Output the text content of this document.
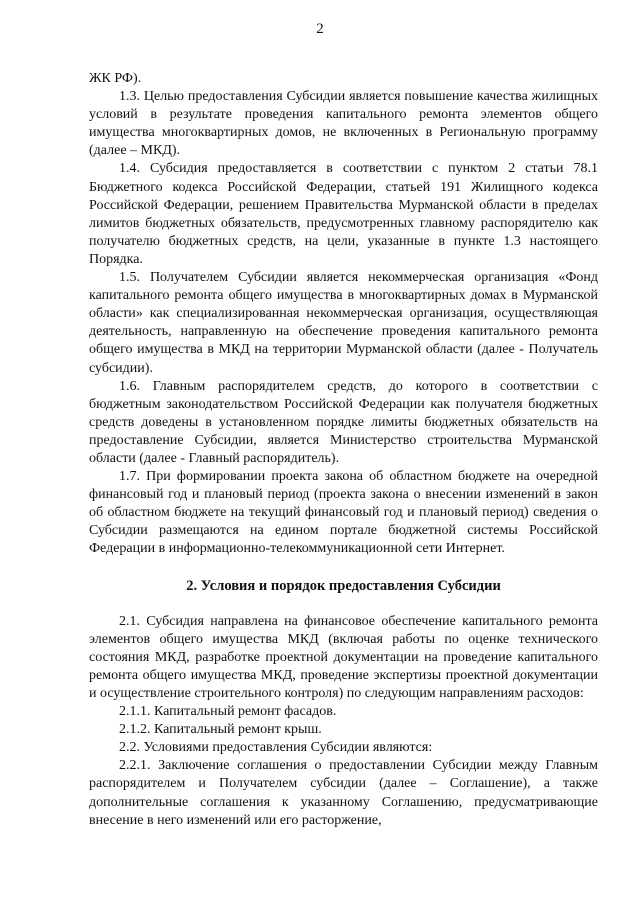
2

ЖК РФ).

1.3. Целью предоставления Субсидии является повышение качества жилищных условий в результате проведения капитального ремонта элементов общего имущества многоквартирных домов, не включенных в Региональную программу (далее – МКД).

1.4. Субсидия предоставляется в соответствии с пунктом 2 статьи 78.1 Бюджетного кодекса Российской Федерации, статьей 191 Жилищного кодекса Российской Федерации, решением Правительства Мурманской области в пределах лимитов бюджетных обязательств, предусмотренных главному распорядителю как получателю бюджетных средств, на цели, указанные в пункте 1.3 настоящего Порядка.

1.5. Получателем Субсидии является некоммерческая организация «Фонд капитального ремонта общего имущества в многоквартирных домах в Мурманской области» как специализированная некоммерческая организация, осуществляющая деятельность, направленную на обеспечение проведения капитального ремонта общего имущества в МКД на территории Мурманской области (далее - Получатель субсидии).

1.6. Главным распорядителем средств, до которого в соответствии с бюджетным законодательством Российской Федерации как получателя бюджетных средств доведены в установленном порядке лимиты бюджетных обязательств на предоставление Субсидии, является Министерство строительства Мурманской области (далее - Главный распорядитель).

1.7. При формировании проекта закона об областном бюджете на очередной финансовый год и плановый период (проекта закона о внесении изменений в закон об областном бюджете на текущий финансовый год и плановый период) сведения о Субсидии размещаются на едином портале бюджетной системы Российской Федерации в информационно-телекоммуникационной сети Интернет.

2. Условия и порядок предоставления Субсидии

2.1. Субсидия направлена на финансовое обеспечение капитального ремонта элементов общего имущества МКД (включая работы по оценке технического состояния МКД, разработке проектной документации на проведение капитального ремонта общего имущества МКД, проведение экспертизы проектной документации и осуществление строительного контроля) по следующим направлениям расходов:

2.1.1. Капитальный ремонт фасадов.

2.1.2. Капитальный ремонт крыш.

2.2. Условиями предоставления Субсидии являются:

2.2.1. Заключение соглашения о предоставлении Субсидии между Главным распорядителем и Получателем субсидии (далее – Соглашение), а также дополнительные соглашения к указанному Соглашению, предусматривающие внесение в него изменений или его расторжение,
